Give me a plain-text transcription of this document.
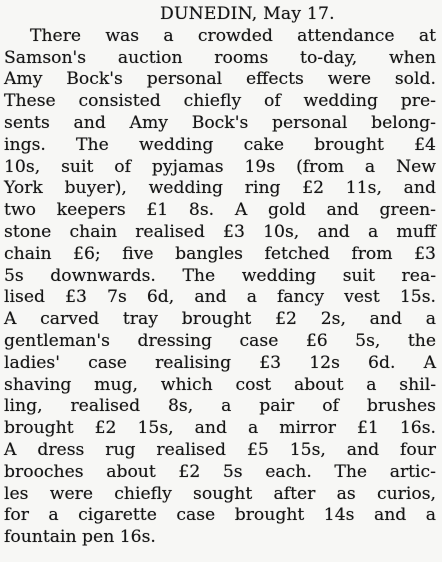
DUNEDIN, May 17.
There was a crowded attendance at
Samson's auction rooms to-day, when
Amy Bock's personal effects were sold.
These consisted chiefly of wedding pre-
sents and Amy Bock's personal belong-
ings. The wedding cake brought £4
10s, suit of pyjamas 19s (from a New
York buyer), wedding ring £2 11s, and
two keepers £1 8s. A gold and green-
stone chain realised £3 10s, and a muff
chain £6; five bangles fetched from £3
5s downwards. The wedding suit rea-
lised £3 7s 6d, and a fancy vest 15s.
A carved tray brought £2 2s, and a
gentleman's dressing case £6 5s, the
ladies' case realising £3 12s 6d. A
shaving mug, which cost about a shil-
ling, realised 8s, a pair of brushes
brought £2 15s, and a mirror £1 16s.
A dress rug realised £5 15s, and four
brooches about £2 5s each. The artic-
les were chiefly sought after as curios,
for a cigarette case brought 14s and a
fountain pen 16s.
